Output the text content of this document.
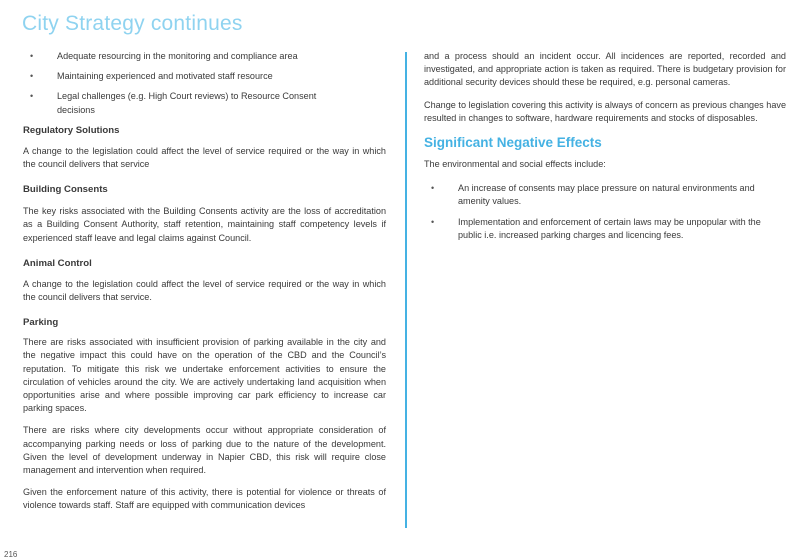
City Strategy continues
•	Adequate resourcing in the monitoring and compliance area
•	Maintaining experienced and motivated staff resource
•	Legal challenges (e.g. High Court reviews) to Resource Consent decisions
Regulatory Solutions

A change to the legislation could affect the level of service required or the way in which the council delivers that service

Building Consents

The key risks associated with the Building Consents activity are the loss of accreditation as a Building Consent Authority, staff retention, maintaining staff competency levels if experienced staff leave and legal claims against Council.

Animal Control

A change to the legislation could affect the level of service required or the way in which the council delivers that service.

Parking

There are risks associated with insufficient provision of parking available in the city and the negative impact this could have on the operation of the CBD and the Council’s reputation. To mitigate this risk we undertake enforcement activities to ensure the circulation of vehicles around the city. We are actively undertaking land acquisition when opportunities arise and where possible improving car park efficiency to increase car parking spaces.

There are risks where city developments occur without appropriate consideration of accompanying parking needs or loss of parking due to the nature of the development. Given the level of development underway in Napier CBD, this risk will require close management and intervention when required.

Given the enforcement nature of this activity, there is potential for violence or threats of violence towards staff. Staff are equipped with communication devices

and a process should an incident occur. All incidences are reported, recorded and investigated, and appropriate action is taken as required. There is budgetary provision for additional security devices should these be required, e.g. personal cameras.

Change to legislation covering this activity is always of concern as previous changes have resulted in changes to software, hardware requirements and stocks of disposables.

Significant Negative Effects

The environmental and social effects include:

•	An increase of consents may place pressure on natural environments and amenity values.
•	Implementation and enforcement of certain laws may be unpopular with the public i.e. increased parking charges and licencing fees.
216
